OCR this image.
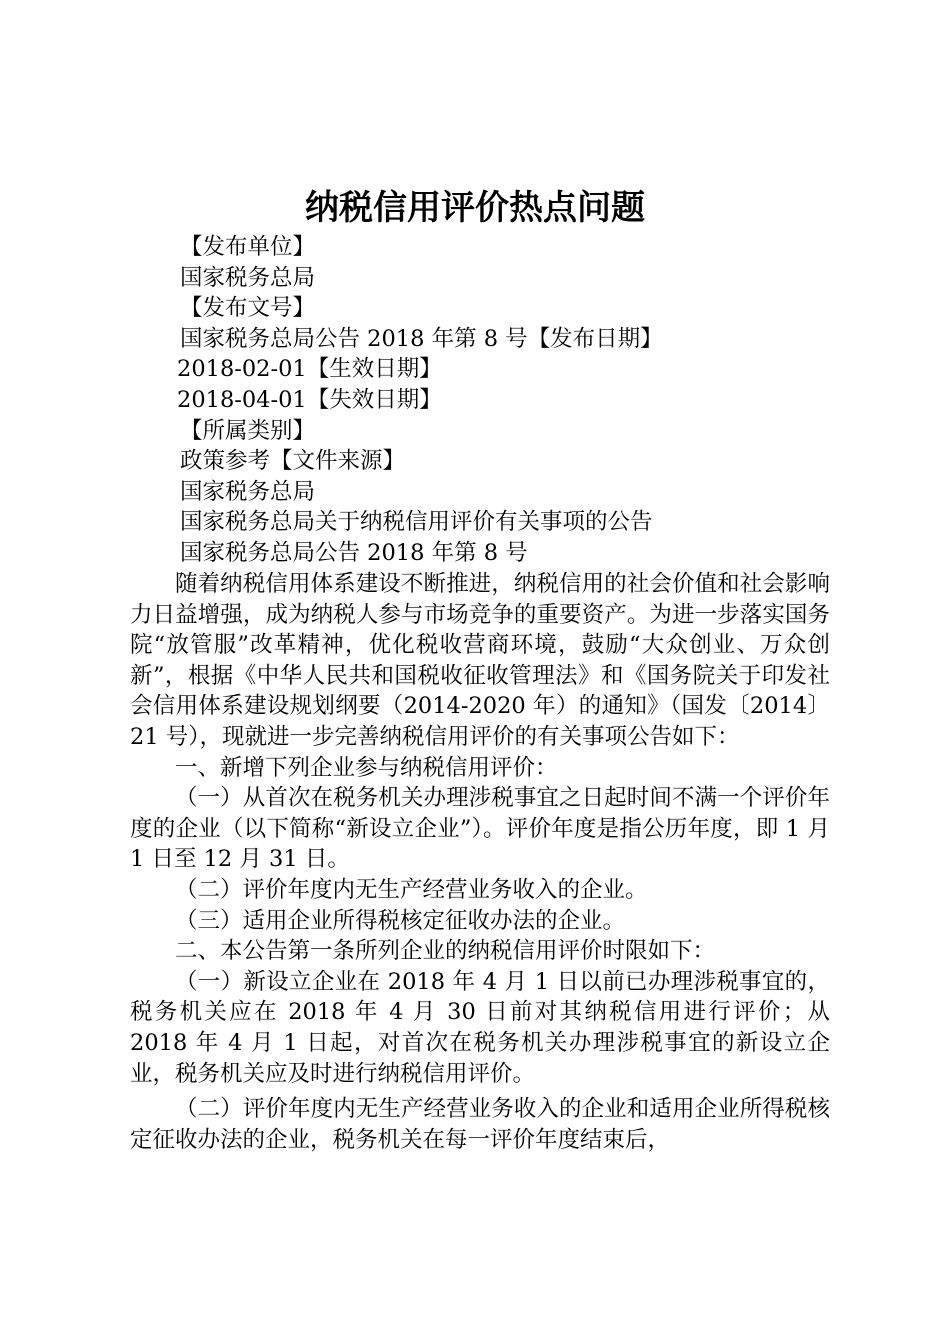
纳税信用评价热点问题
【发布单位】
国家税务总局
【发布文号】
国家税务总局公告 2018 年第 8 号【发布日期】
2018-02-01【生效日期】
2018-04-01【失效日期】
【所属类别】
政策参考【文件来源】
国家税务总局
国家税务总局关于纳税信用评价有关事项的公告
国家税务总局公告 2018 年第 8 号

随着纳税信用体系建设不断推进，纳税信用的社会价值和社会影响力日益增强，成为纳税人参与市场竞争的重要资产。为进一步落实国务院“放管服”改革精神，优化税收营商环境，鼓励“大众创业、万众创新”，根据《中华人民共和国税收征收管理法》和《国务院关于印发社会信用体系建设规划纲要（2014-2020 年）的通知》（国发〔2014〕21 号），现就进一步完善纳税信用评价的有关事项公告如下：

一、新增下列企业参与纳税信用评价：

（一）从首次在税务机关办理涉税事宜之日起时间不满一个评价年度的企业（以下简称“新设立企业”）。评价年度是指公历年度，即 1 月 1 日至 12 月 31 日。

（二）评价年度内无生产经营业务收入的企业。

（三）适用企业所得税核定征收办法的企业。

二、本公告第一条所列企业的纳税信用评价时限如下：

（一）新设立企业在 2018 年 4 月 1 日以前已办理涉税事宜的，税务机关应在 2018 年 4 月 30 日前对其纳税信用进行评价；从 2018 年 4 月 1 日起，对首次在税务机关办理涉税事宜的新设立企业，税务机关应及时进行纳税信用评价。

（二）评价年度内无生产经营业务收入的企业和适用企业所得税核定征收办法的企业，税务机关在每一评价年度结束后，
